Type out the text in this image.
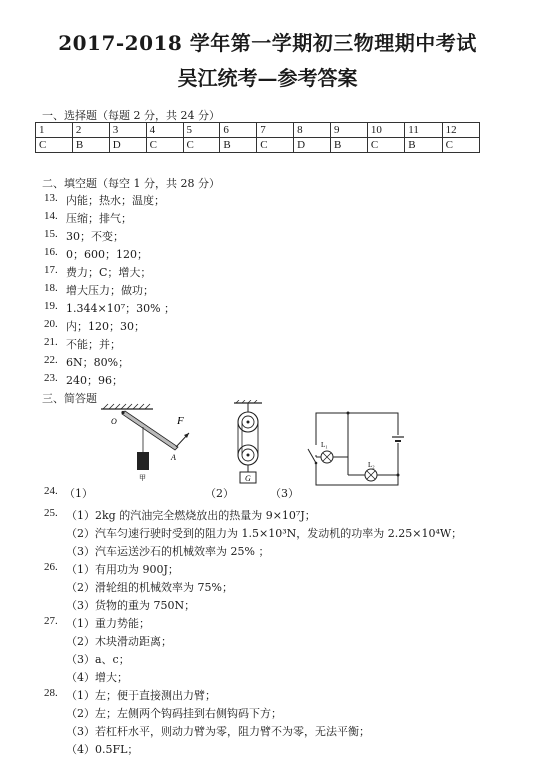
2017-2018 学年第一学期初三物理期中考试
吴江统考—参考答案
一、选择题（每题 2 分，共 24 分）
1	2	3	4	5	6	7	8	9	10	11	12
C	B	D	C	C	B	C	D	B	C	B	C
二、填空题（每空 1 分，共 28 分）
13. 内能；热水；温度；
14. 压缩；排气；
15. 30；不变；
16. 0；600；120；
17. 费力；C；增大；
18. 增大压力；做功；
19. 1.344×10⁷；30% ；
20. 内；120；30；
21. 不能；并；
22. 6N；80%；
23. 240；96；
三、简答题
O	F
A
甲	G
L₁
L₂
24. （1）	（2）	（3）
25. （1）2kg 的汽油完全燃烧放出的热量为 9×10⁷J；
（2）汽车匀速行驶时受到的阻力为 1.5×10³N，发动机的功率为 2.25×10⁴W；
（3）汽车运送沙石的机械效率为 25% ；
26. （1）有用功为 900J；
（2）滑轮组的机械效率为 75%；
（3）货物的重为 750N；
27. （1）重力势能；
（2）木块滑动距离；
（3）a、c；
（4）增大；
28. （1）左；便于直接测出力臂；
（2）左；左侧两个钩码挂到右侧钩码下方；
（3）若杠杆水平，则动力臂为零，阻力臂不为零，无法平衡；
（4）0.5FL；
